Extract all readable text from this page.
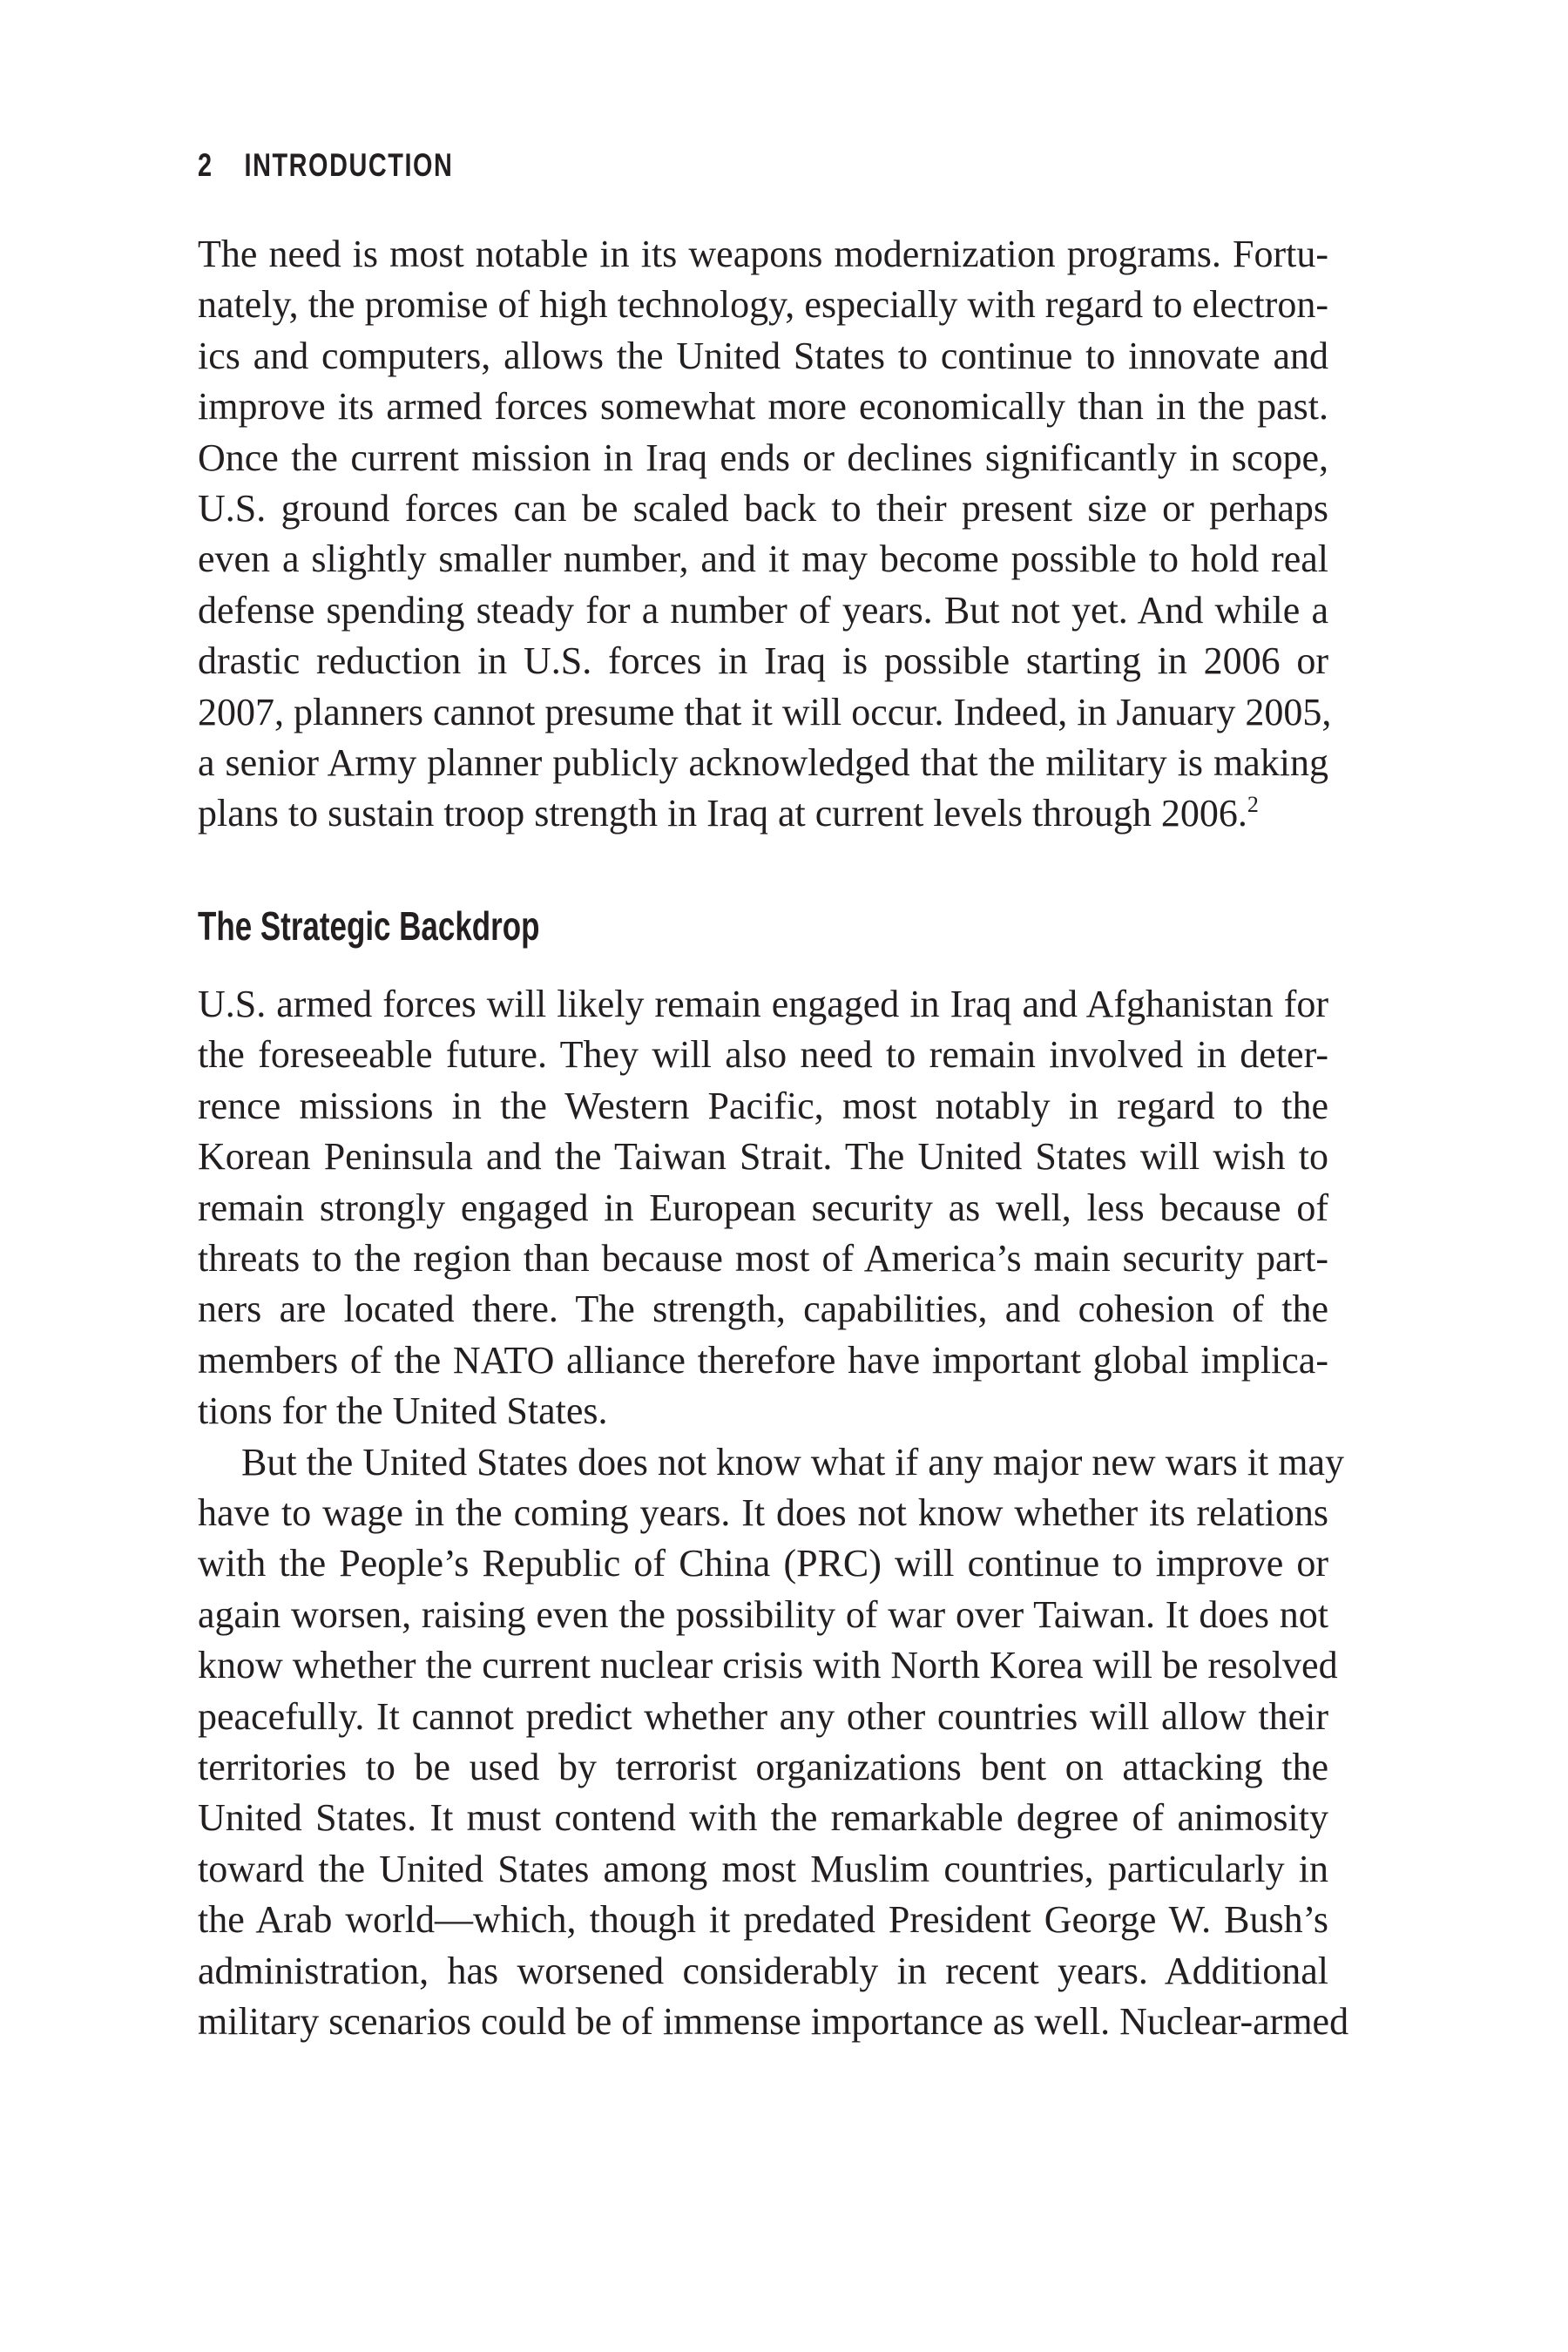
2 INTRODUCTION
The need is most notable in its weapons modernization programs. Fortu-
nately, the promise of high technology, especially with regard to electron-
ics and computers, allows the United States to continue to innovate and
improve its armed forces somewhat more economically than in the past.
Once the current mission in Iraq ends or declines significantly in scope,
U.S. ground forces can be scaled back to their present size or perhaps
even a slightly smaller number, and it may become possible to hold real
defense spending steady for a number of years. But not yet. And while a
drastic reduction in U.S. forces in Iraq is possible starting in 2006 or
2007, planners cannot presume that it will occur. Indeed, in January 2005,
a senior Army planner publicly acknowledged that the military is making
plans to sustain troop strength in Iraq at current levels through 2006.$^2$
The Strategic Backdrop
U.S. armed forces will likely remain engaged in Iraq and Afghanistan for
the foreseeable future. They will also need to remain involved in deter-
rence missions in the Western Pacific, most notably in regard to the
Korean Peninsula and the Taiwan Strait. The United States will wish to
remain strongly engaged in European security as well, less because of
threats to the region than because most of America’s main security part-
ners are located there. The strength, capabilities, and cohesion of the
members of the NATO alliance therefore have important global implica-
tions for the United States.
But the United States does not know what if any major new wars it may
have to wage in the coming years. It does not know whether its relations
with the People’s Republic of China (PRC) will continue to improve or
again worsen, raising even the possibility of war over Taiwan. It does not
know whether the current nuclear crisis with North Korea will be resolved
peacefully. It cannot predict whether any other countries will allow their
territories to be used by terrorist organizations bent on attacking the
United States. It must contend with the remarkable degree of animosity
toward the United States among most Muslim countries, particularly in
the Arab world—which, though it predated President George W. Bush’s
administration, has worsened considerably in recent years. Additional
military scenarios could be of immense importance as well. Nuclear-armed
